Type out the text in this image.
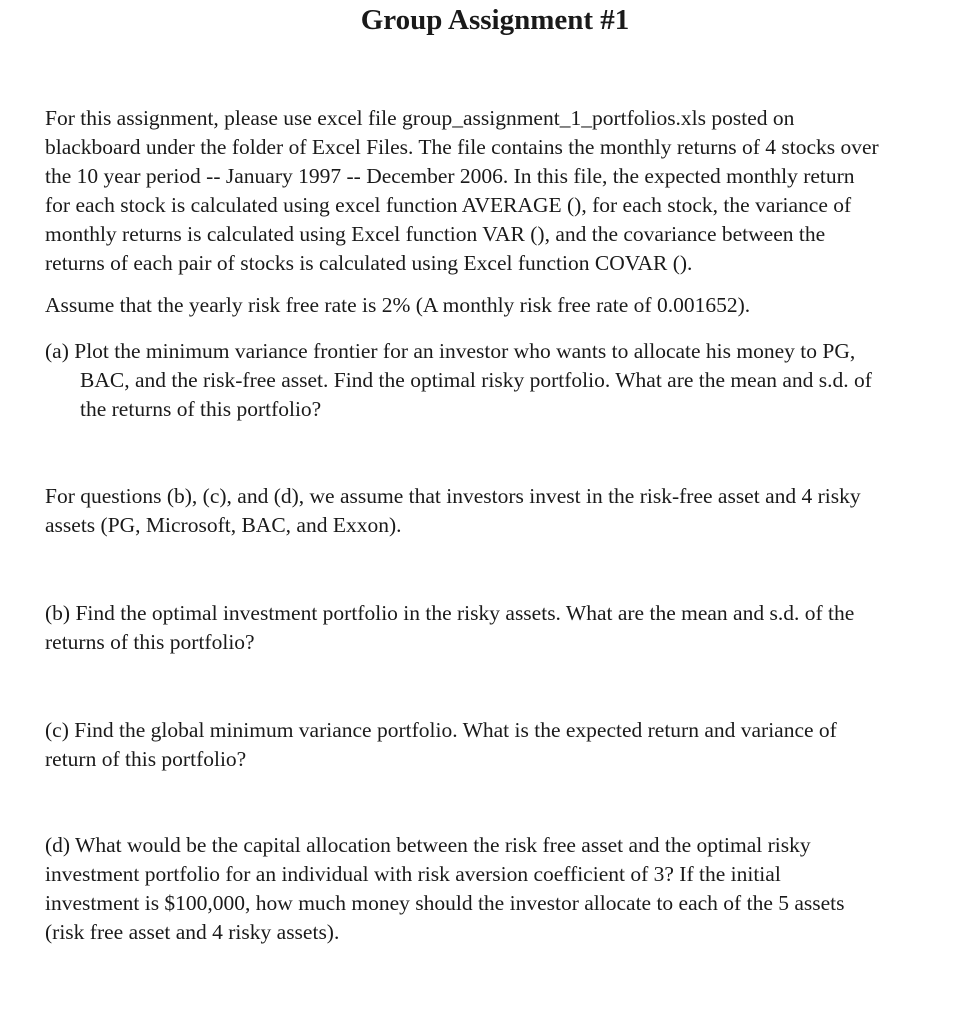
Group Assignment #1
For this assignment, please use excel file group_assignment_1_portfolios.xls posted on
blackboard under the folder of Excel Files. The file contains the monthly returns of 4 stocks over
the 10 year period -- January 1997 -- December 2006. In this file, the expected monthly return
for each stock is calculated using excel function AVERAGE (), for each stock, the variance of
monthly returns is calculated using Excel function VAR (), and the covariance between the
returns of each pair of stocks is calculated using Excel function COVAR ().

Assume that the yearly risk free rate is 2% (A monthly risk free rate of 0.001652).

(a) Plot the minimum variance frontier for an investor who wants to allocate his money to PG,
BAC, and the risk-free asset. Find the optimal risky portfolio. What are the mean and s.d. of
the returns of this portfolio?
For questions (b), (c), and (d), we assume that investors invest in the risk-free asset and 4 risky
assets (PG, Microsoft, BAC, and Exxon).
(b) Find the optimal investment portfolio in the risky assets. What are the mean and s.d. of the
returns of this portfolio?
(c) Find the global minimum variance portfolio. What is the expected return and variance of
return of this portfolio?
(d) What would be the capital allocation between the risk free asset and the optimal risky
investment portfolio for an individual with risk aversion coefficient of 3? If the initial
investment is $100,000, how much money should the investor allocate to each of the 5 assets
(risk free asset and 4 risky assets).
